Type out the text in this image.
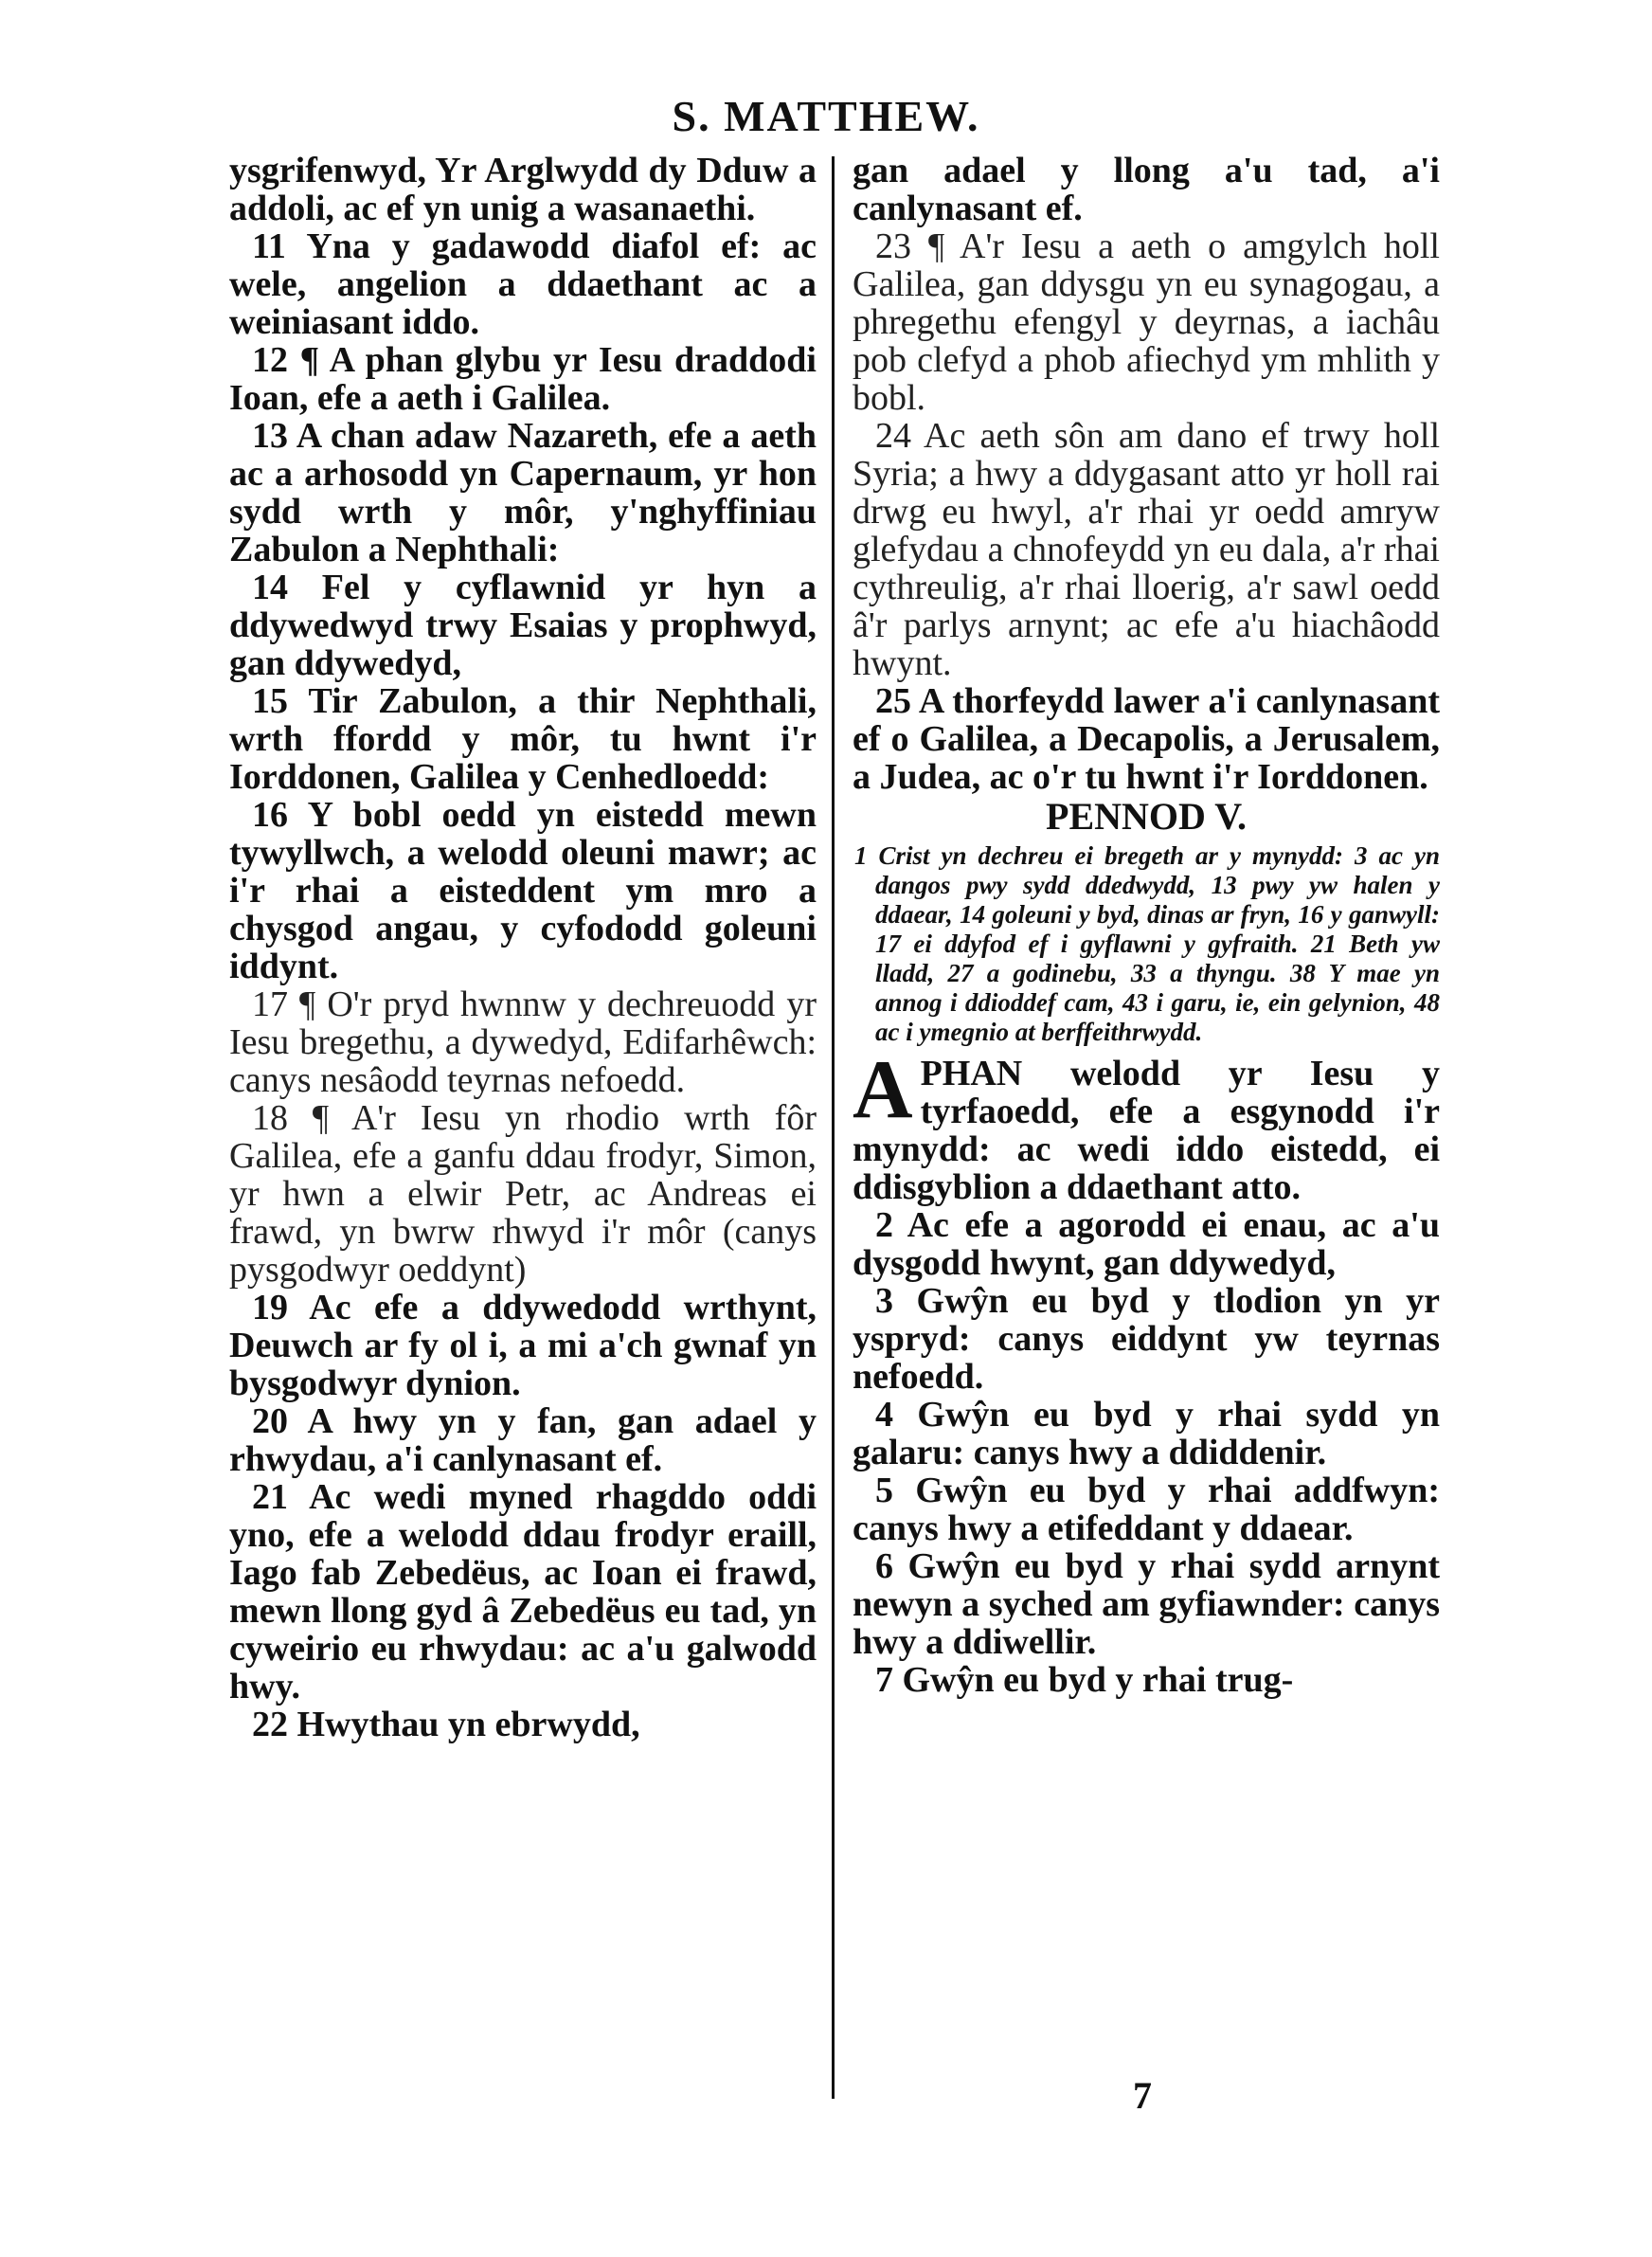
S. MATTHEW.

ysgrifenwyd, Yr Arglwydd dy Dduw a addoli, ac ef yn unig a wasanaethi.

11 Yna y gadawodd diafol ef: ac wele, angelion a ddaethant ac a weiniasant iddo.

12 ¶ A phan glybu yr Iesu draddodi Ioan, efe a aeth i Galilea.

13 A chan adaw Nazareth, efe a aeth ac a arhosodd yn Capernaum, yr hon sydd wrth y môr, y'nghyffiniau Zabulon a Nephthali:

14 Fel y cyflawnid yr hyn a ddywedwyd trwy Esaias y prophwyd, gan ddywedyd,

15 Tir Zabulon, a thir Nephthali, wrth ffordd y môr, tu hwnt i'r Iorddonen, Galilea y Cenhedloedd:

16 Y bobl oedd yn eistedd mewn tywyllwch, a welodd oleuni mawr; ac i'r rhai a eisteddent ym mro a chysgod angau, y cyfododd goleuni iddynt.

17 ¶ O'r pryd hwnnw y dechreuodd yr Iesu bregethu, a dywedyd, Edifarhêwch: canys nesâodd teyrnas nefoedd.

18 ¶ A'r Iesu yn rhodio wrth fôr Galilea, efe a ganfu ddau frodyr, Simon, yr hwn a elwir Petr, ac Andreas ei frawd, yn bwrw rhwyd i'r môr (canys pysgodwyr oeddynt)

19 Ac efe a ddywedodd wrthynt, Deuwch ar fy ol i, a mi a'ch gwnaf yn bysgodwyr dynion.

20 A hwy yn y fan, gan adael y rhwydau, a'i canlynasant ef.

21 Ac wedi myned rhagddo oddi yno, efe a welodd ddau frodyr eraill, Iago fab Zebedëus, ac Ioan ei frawd, mewn llong gyd â Zebedëus eu tad, yn cyweirio eu rhwydau: ac a'u galwodd hwy.

22 Hwythau yn ebrwydd,

gan adael y llong a'u tad, a'i canlynasant ef.

23 ¶ A'r Iesu a aeth o amgylch holl Galilea, gan ddysgu yn eu synagogau, a phregethu efengyl y deyrnas, a iachâu pob clefyd a phob afiechyd ym mhlith y bobl.

24 Ac aeth sôn am dano ef trwy holl Syria; a hwy a ddygasant atto yr holl rai drwg eu hwyl, a'r rhai yr oedd amryw glefydau a chnofeydd yn eu dala, a'r rhai cythreulig, a'r rhai lloerig, a'r sawl oedd â'r parlys arnynt; ac efe a'u hiachâodd hwynt.

25 A thorfeydd lawer a'i canlynasant ef o Galilea, a Decapolis, a Jerusalem, a Judea, ac o'r tu hwnt i'r Iorddonen.

PENNOD V.
1 Crist yn dechreu ei bregeth ar y mynydd: 3 ac yn dangos pwy sydd ddedwydd, 13 pwy yw halen y ddaear, 14 goleuni y byd, dinas ar fryn, 16 y ganwyll: 17 ei ddyfod ef i gyflawni y gyfraith. 21 Beth yw lladd, 27 a godinebu, 33 a thyngu. 38 Y mae yn annog i ddioddef cam, 43 i garu, ie, ein gelynion, 48 ac i ymegnio at berffeithrwydd.

A PHAN welodd yr Iesu y tyrfaoedd, efe a esgynodd i'r mynydd: ac wedi iddo eistedd, ei ddisgyblion a ddaethant atto.

2 Ac efe a agorodd ei enau, ac a'u dysgodd hwynt, gan ddywedyd,

3 Gwŷn eu byd y tlodion yn yr yspryd: canys eiddynt yw teyrnas nefoedd.

4 Gwŷn eu byd y rhai sydd yn galaru: canys hwy a ddiddenir.

5 Gwŷn eu byd y rhai addfwyn: canys hwy a etifeddant y ddaear.

6 Gwŷn eu byd y rhai sydd arnynt newyn a syched am gyfiawnder: canys hwy a ddiwellir.

7 Gwŷn eu byd y rhai trug-

7
